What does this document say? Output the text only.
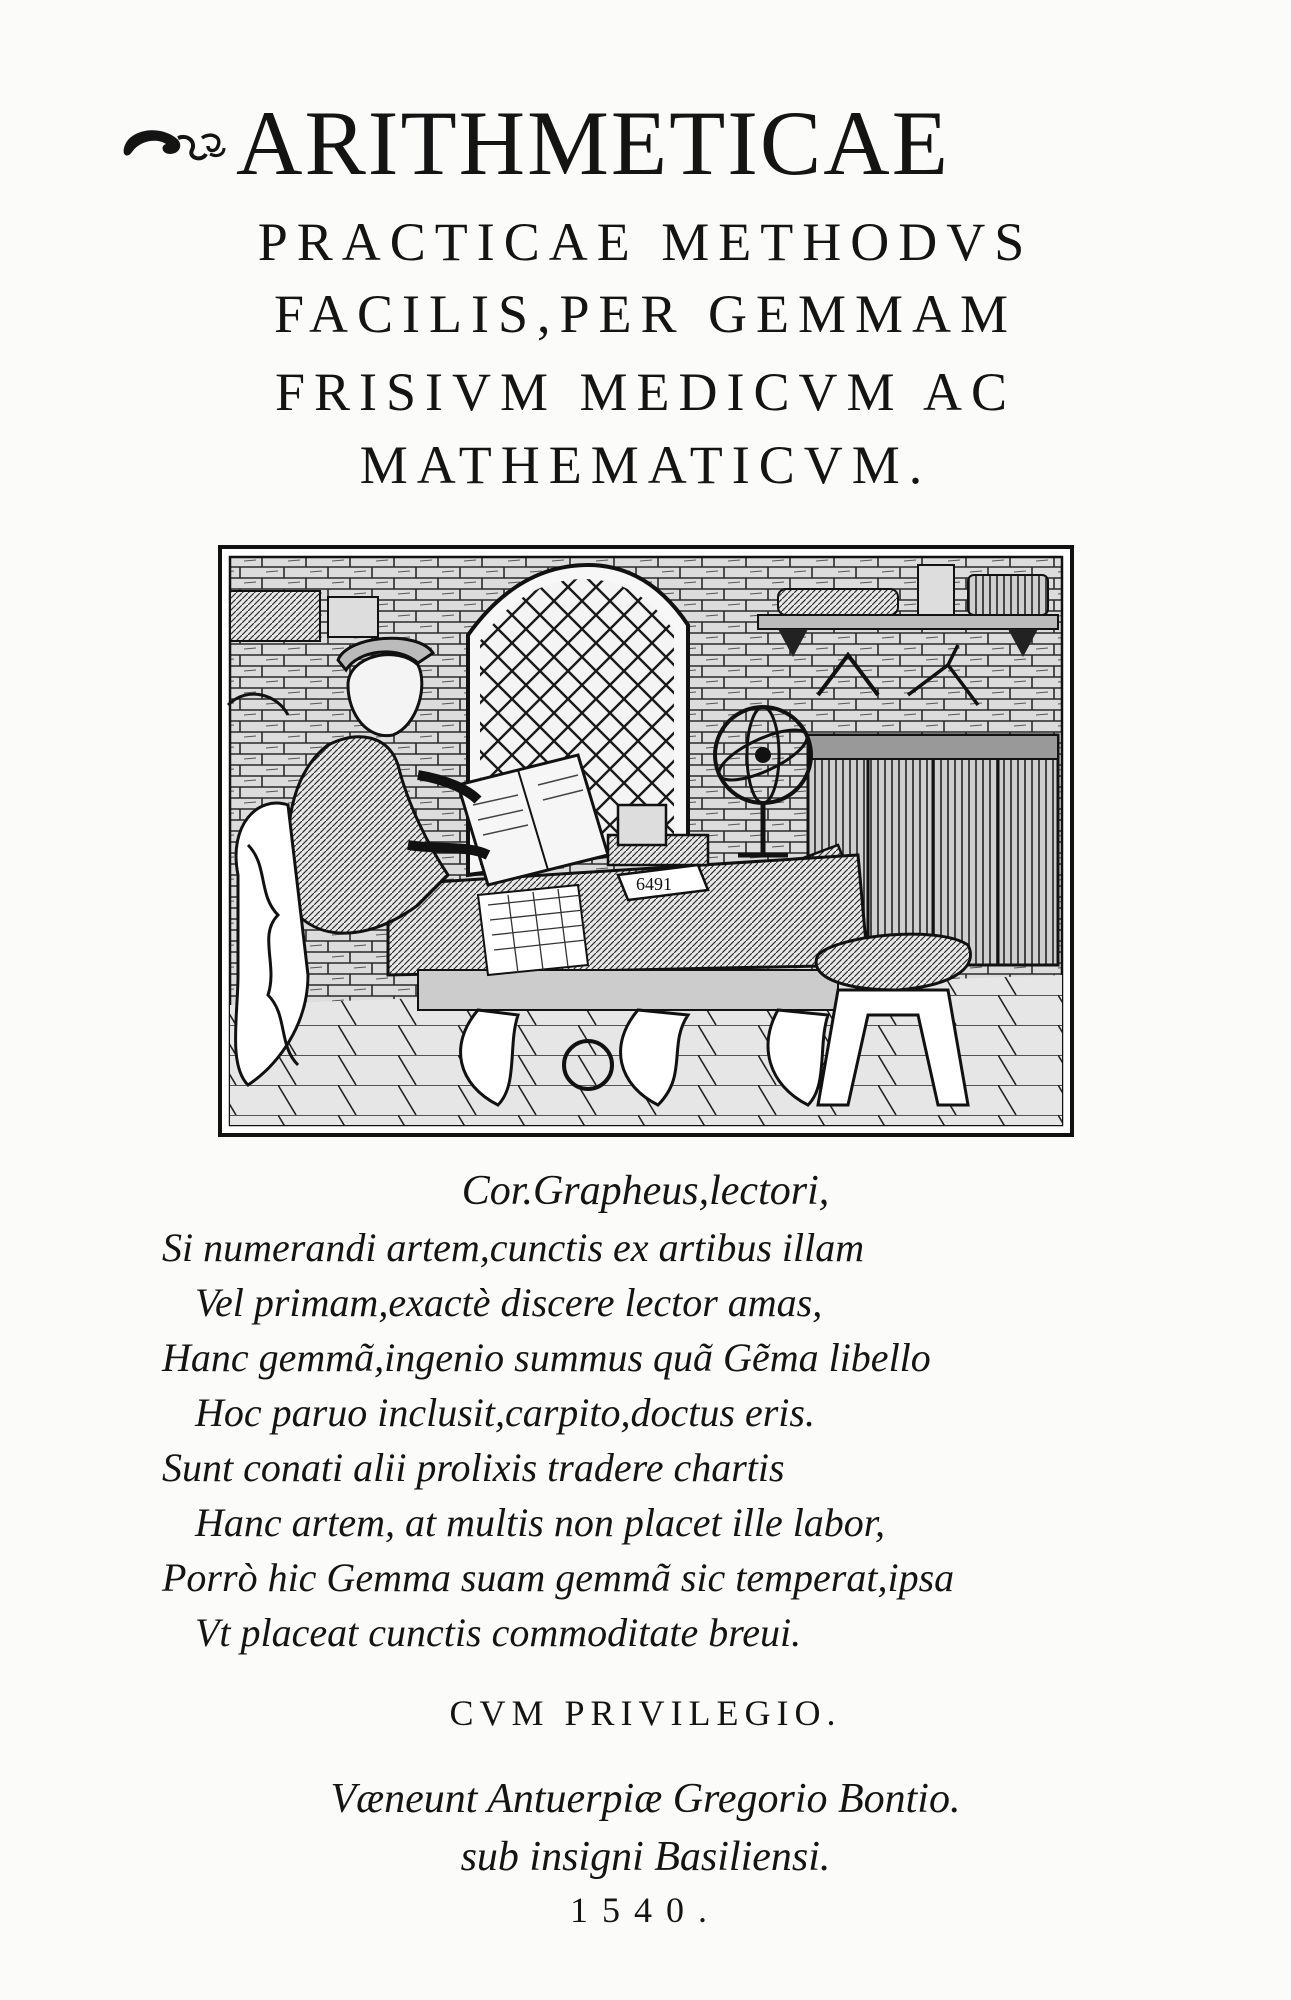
ARITHMETICAE
PRACTICAE METHODVS
FACILIS,PER GEMMAM
FRISIVM MEDICVM AC
MATHEMATICVM.
6491
Cor.Grapheus,lectori,
Si numerandi artem,cunctis ex artibus illam
Vel primam,exactè discere lector amas,
Hanc gemmã,ingenio summus quã Gẽma libello
Hoc paruo inclusit,carpito,doctus eris.
Sunt conati alii prolixis tradere chartis
Hanc artem, at multis non placet ille labor,
Porrò hic Gemma suam gemmã sic temperat,ipsa
Vt placeat cunctis commoditate breui.
CVM PRIVILEGIO.
Væneunt Antuerpiæ Gregorio Bontio.
sub insigni Basiliensi.
1540.
